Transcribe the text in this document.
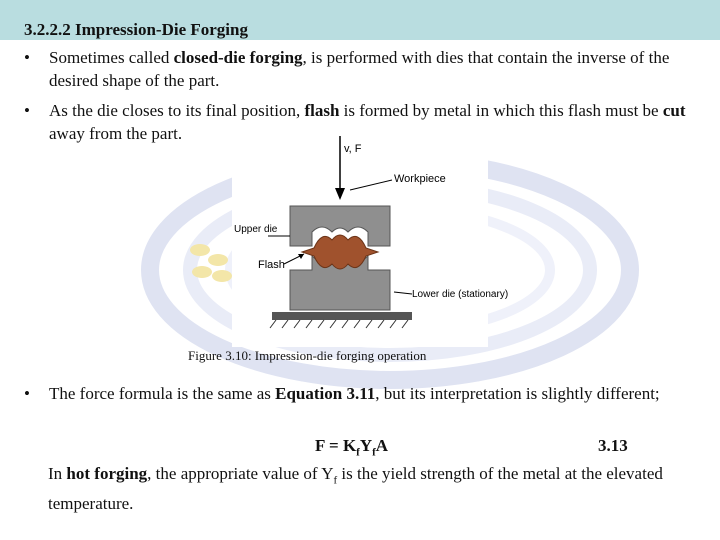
3.2.2.2 Impression-Die Forging
• Sometimes called closed-die forging, is performed with dies that contain the inverse of the desired shape of the part.
• As the die closes to its final position, flash is formed by metal in which this flash must be cut away from the part.
v, F
Workpiece
Upper die
Flash
Lower die (stationary)
Figure 3.10: Impression-die forging operation
• The force formula is the same as Equation 3.11, but its interpretation is slightly different;
$F = K_fY_fA$	3.13
In hot forging, the appropriate value of $Y_f$ is the yield strength of the metal at the elevated temperature.
